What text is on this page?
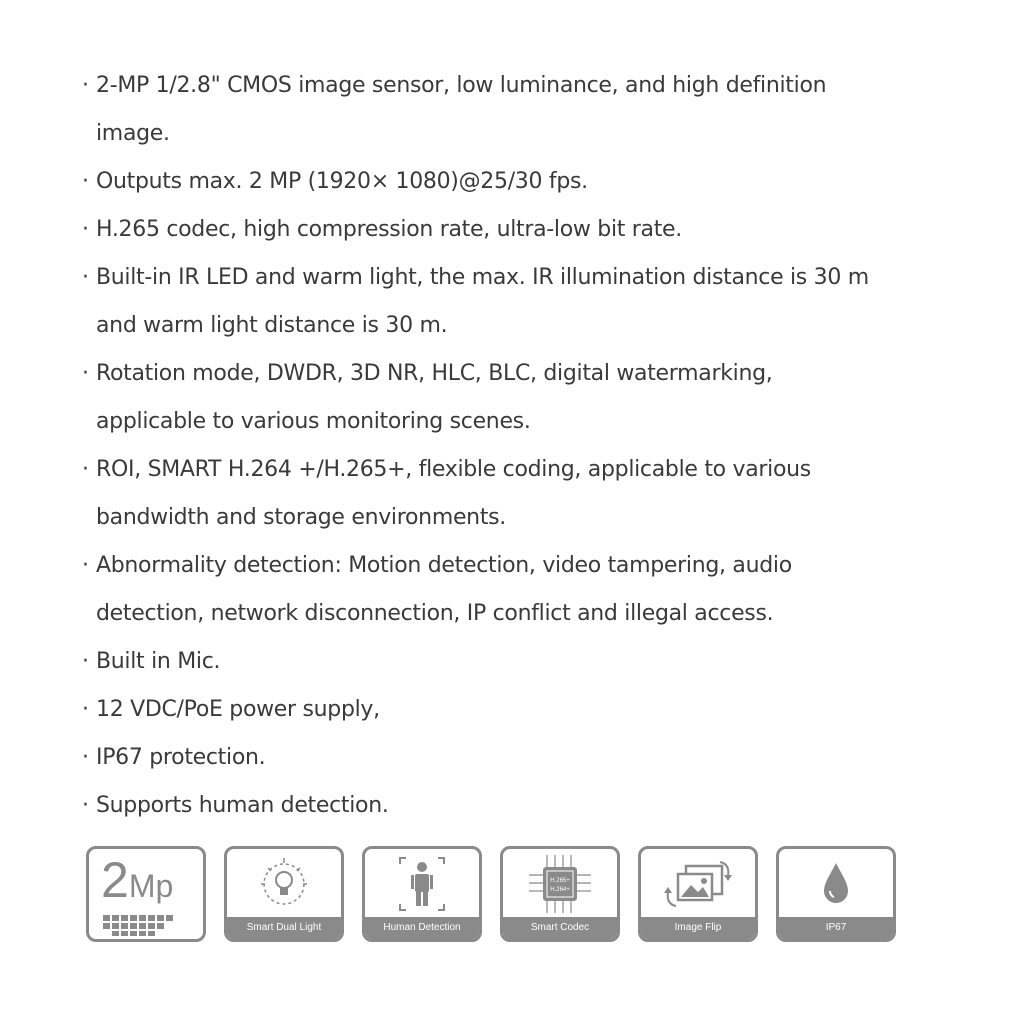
· 2-MP 1/2.8" CMOS image sensor, low luminance, and high definition
image.
· Outputs max. 2 MP (1920× 1080)@25/30 fps.
· H.265 codec, high compression rate, ultra-low bit rate.
· Built-in IR LED and warm light, the max. IR illumination distance is 30 m
and warm light distance is 30 m.
· Rotation mode, DWDR, 3D NR, HLC, BLC, digital watermarking,
applicable to various monitoring scenes.
· ROI, SMART H.264 +/H.265+, flexible coding, applicable to various
bandwidth and storage environments.
· Abnormality detection: Motion detection, video tampering, audio
detection, network disconnection, IP conflict and illegal access.
· Built in Mic.
· 12 VDC/PoE power supply,
· IP67 protection.
· Supports human detection.
2Mp
Smart Dual Light	Human Detection
H.265+
H.264+
Smart Codec	Image Flip	IP67
